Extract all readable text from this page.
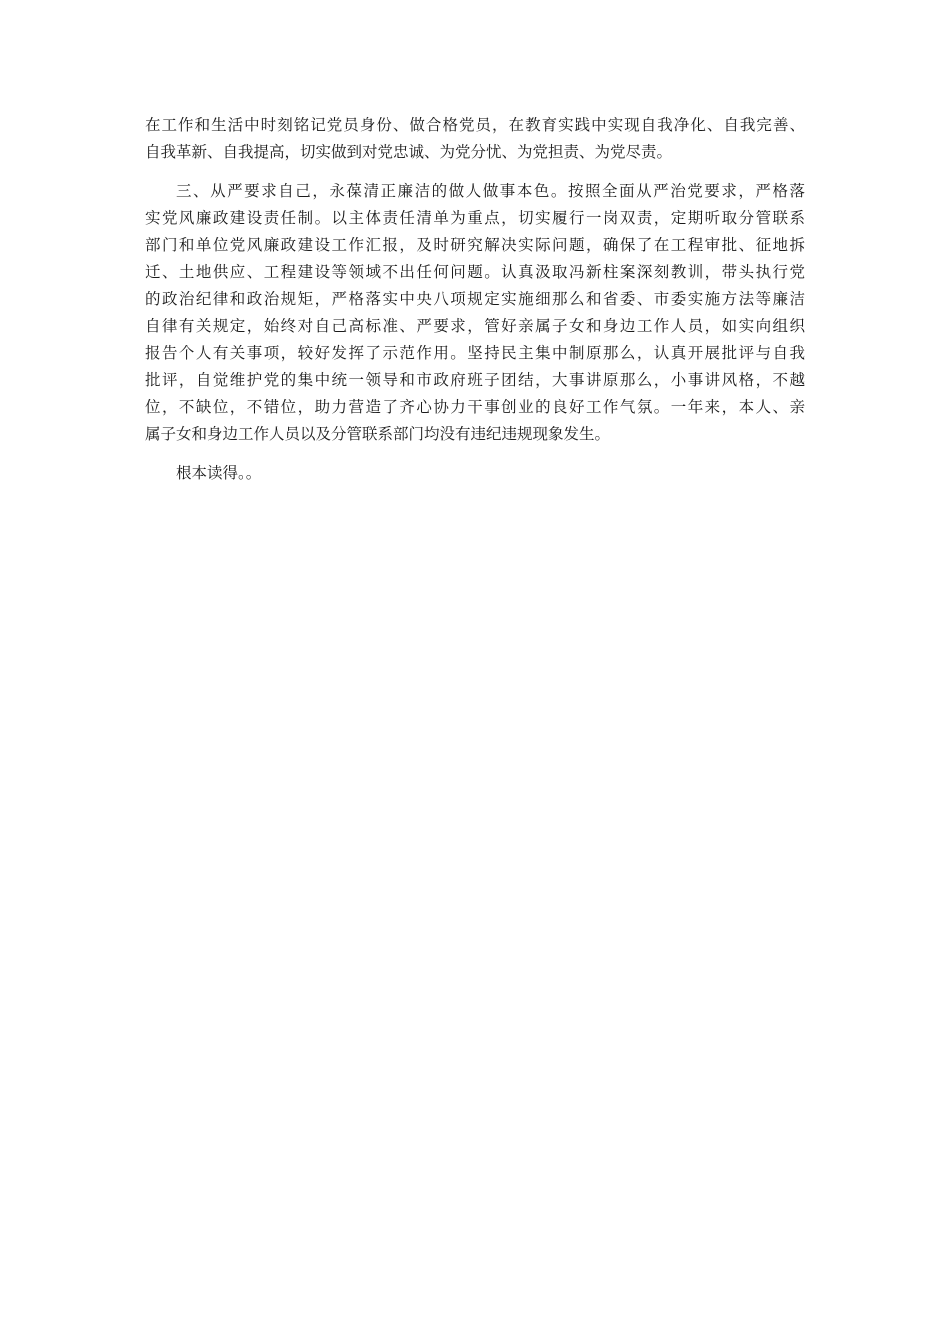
在工作和生活中时刻铭记党员身份、做合格党员，在教育实践中实现自我净化、自我完善、
自我革新、自我提高，切实做到对党忠诚、为党分忧、为党担责、为党尽责。

三、从严要求自己，永葆清正廉洁的做人做事本色。按照全面从严治党要求，严格落
实党风廉政建设责任制。以主体责任清单为重点，切实履行一岗双责，定期听取分管联系
部门和单位党风廉政建设工作汇报，及时研究解决实际问题，确保了在工程审批、征地拆
迁、土地供应、工程建设等领域不出任何问题。认真汲取冯新柱案深刻教训，带头执行党
的政治纪律和政治规矩，严格落实中央八项规定实施细那么和省委、市委实施方法等廉洁
自律有关规定，始终对自己高标准、严要求，管好亲属子女和身边工作人员，如实向组织
报告个人有关事项，较好发挥了示范作用。坚持民主集中制原那么，认真开展批评与自我
批评，自觉维护党的集中统一领导和市政府班子团结，大事讲原那么，小事讲风格，不越
位，不缺位，不错位，助力营造了齐心协力干事创业的良好工作气氛。一年来，本人、亲
属子女和身边工作人员以及分管联系部门均没有违纪违规现象发生。

根本读得。。
